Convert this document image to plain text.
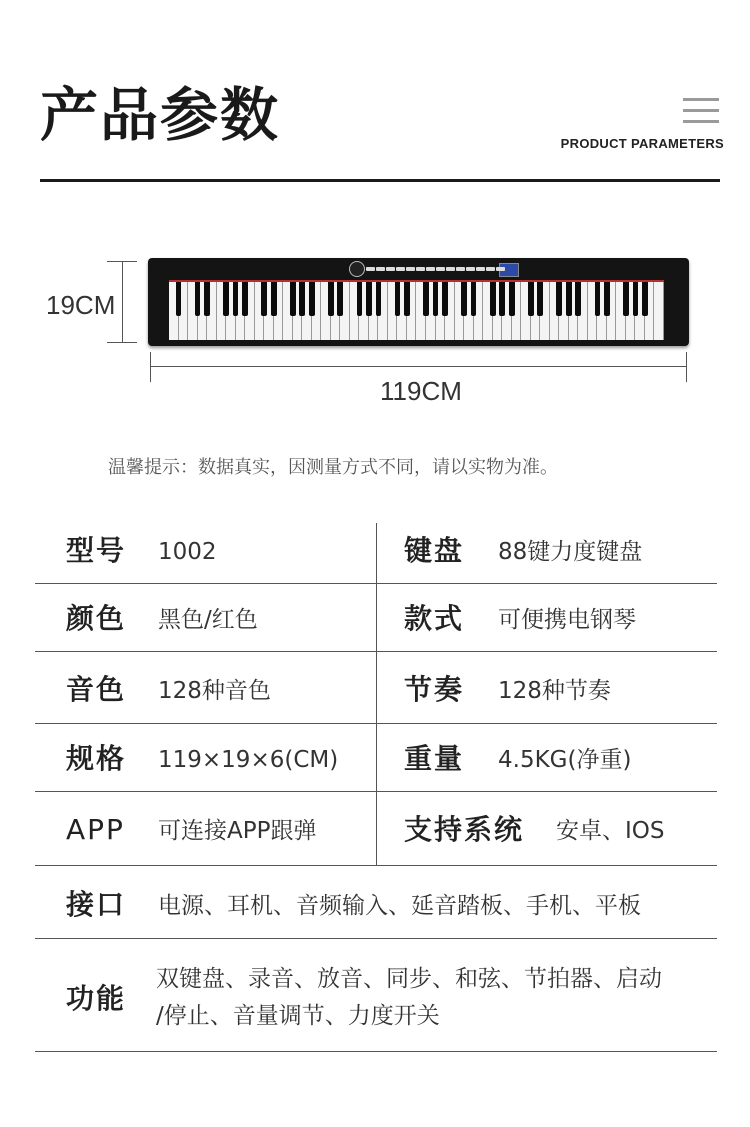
产品参数	PRODUCT PARAMETERS
19CM
119CM
温馨提示：数据真实，因测量方式不同，请以实物为准。
型号 1002	键盘 88键力度键盘
颜色 黑色/红色	款式 可便携电钢琴
音色 128种音色	节奏 128种节奏
规格 119×19×6(CM) 重量 4.5KG(净重)
APP 可连接APP跟弹	支持系统 安卓、IOS
接口 电源、耳机、音频输入、延音踏板、手机、平板
功能
双键盘、录音、放音、同步、和弦、节拍器、启动
/停止、音量调节、力度开关
